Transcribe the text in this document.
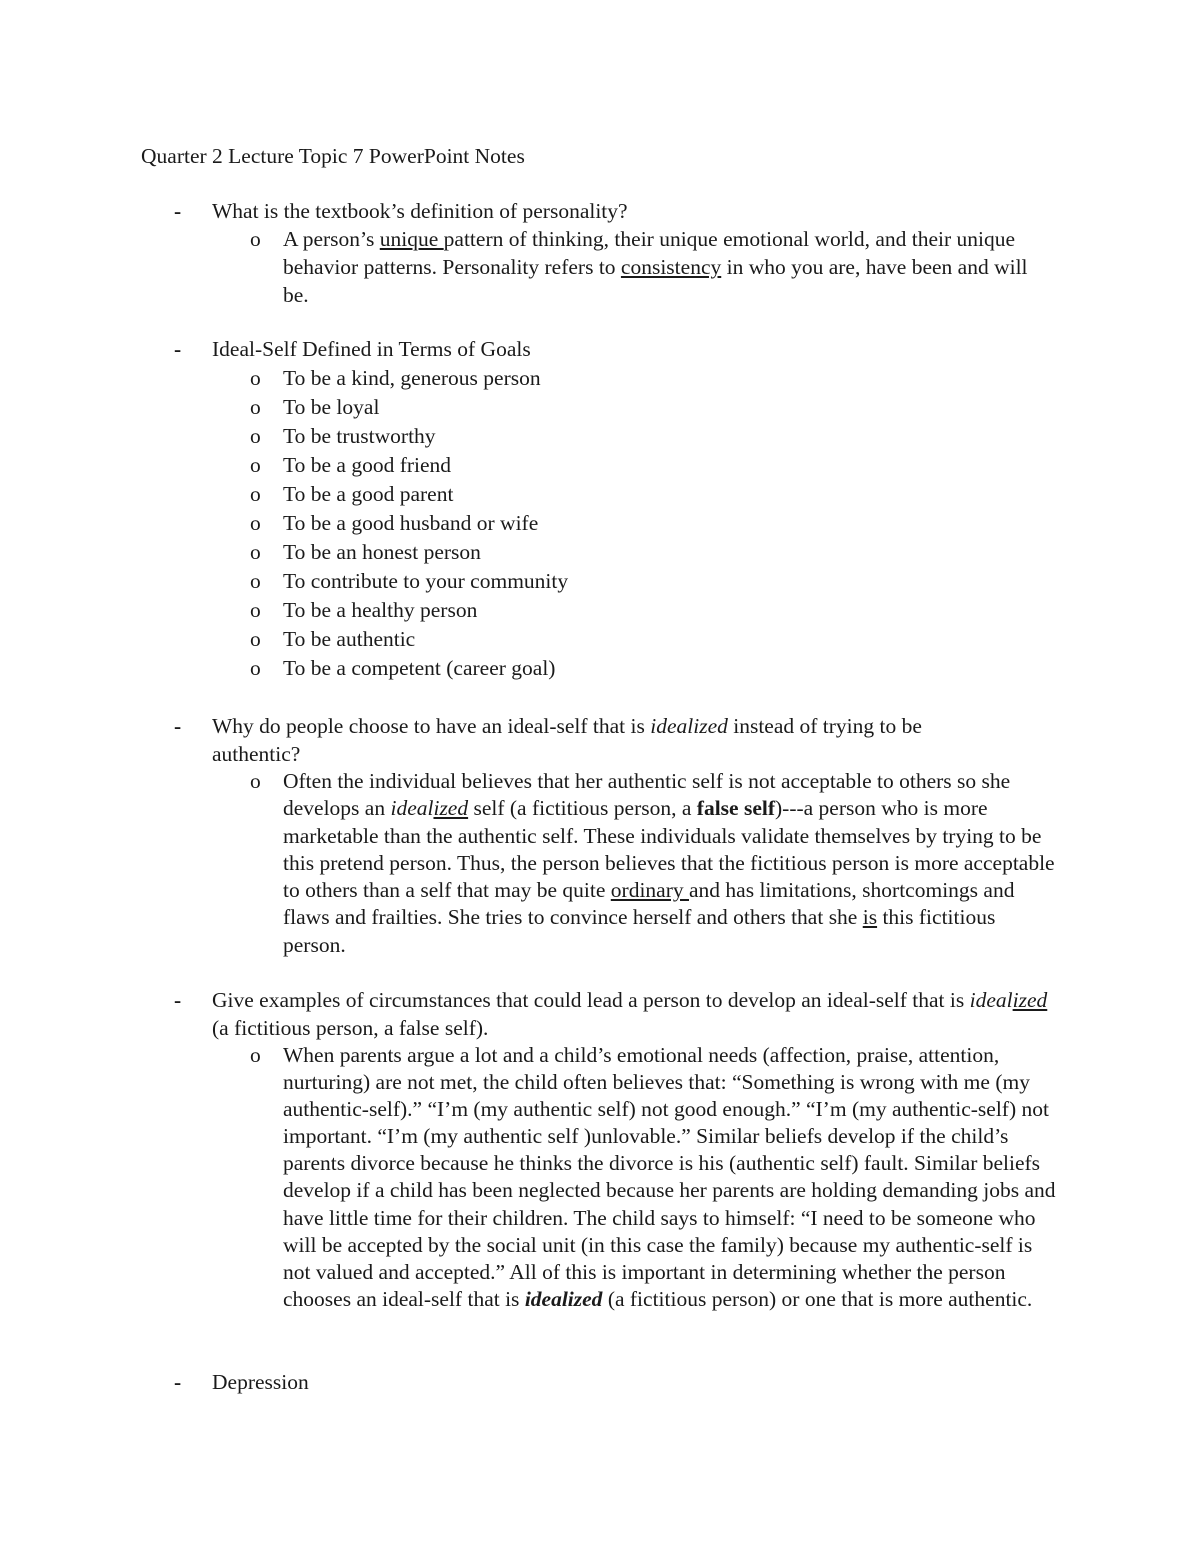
Quarter 2 Lecture Topic 7 PowerPoint Notes
- What is the textbook’s definition of personality?
o A person’s unique pattern of thinking, their unique emotional world, and their unique behavior patterns. Personality refers to consistency in who you are, have been and will be.
- Ideal-Self Defined in Terms of Goals
o To be a kind, generous person
o To be loyal
o To be trustworthy
o To be a good friend
o To be a good parent
o To be a good husband or wife
o To be an honest person
o To contribute to your community
o To be a healthy person
o To be authentic
o To be a competent (career goal)
- Why do people choose to have an ideal-self that is idealized instead of trying to be authentic?
o Often the individual believes that her authentic self is not acceptable to others so she develops an idealized self (a fictitious person, a false self)---a person who is more marketable than the authentic self. These individuals validate themselves by trying to be this pretend person. Thus, the person believes that the fictitious person is more acceptable to others than a self that may be quite ordinary and has limitations, shortcomings and flaws and frailties. She tries to convince herself and others that she is this fictitious person.
- Give examples of circumstances that could lead a person to develop an ideal-self that is idealized (a fictitious person, a false self).
o When parents argue a lot and a child’s emotional needs (affection, praise, attention, nurturing) are not met, the child often believes that: “Something is wrong with me (my authentic-self).” “I’m (my authentic self) not good enough.” “I’m (my authentic-self) not important. “I’m (my authentic self )unlovable.” Similar beliefs develop if the child’s parents divorce because he thinks the divorce is his (authentic self) fault. Similar beliefs develop if a child has been neglected because her parents are holding demanding jobs and have little time for their children. The child says to himself: “I need to be someone who will be accepted by the social unit (in this case the family) because my authentic-self is not valued and accepted.” All of this is important in determining whether the person chooses an ideal-self that is idealized (a fictitious person) or one that is more authentic.
- Depression
